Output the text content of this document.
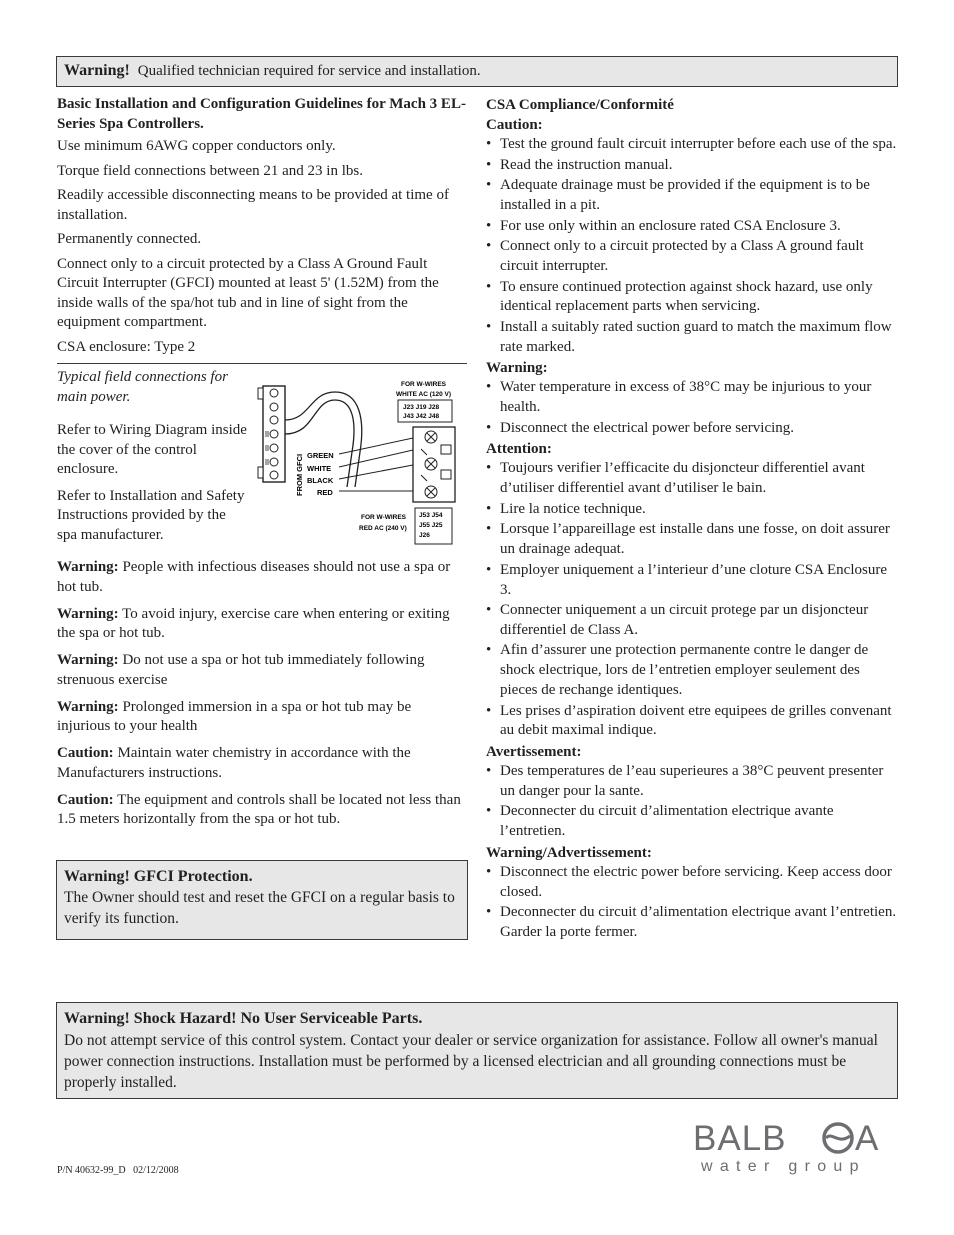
Warning! Qualified technician required for service and installation.

Basic Installation and Configuration Guidelines for Mach 3 EL-Series Spa Controllers.

Use minimum 6AWG copper conductors only.

Torque field connections between 21 and 23 in lbs.

Readily accessible disconnecting means to be provided at time of installation.

Permanently connected.

Connect only to a circuit protected by a Class A Ground Fault Circuit Interrupter (GFCI) mounted at least 5' (1.52M) from the inside walls of the spa/hot tub and in line of sight from the equipment compartment.

CSA enclosure: Type 2

Typical field connections for main power.

Refer to Wiring Diagram inside the cover of the control enclosure.

Refer to Installation and Safety Instructions provided by the spa manufacturer.

FROM GFCI GREEN
WHITE
BLACK
RED
FOR W-WIRES
WHITE AC (120 V)
J23 J19 J28
J43 J42 J48
FOR W-WIRES
RED AC (240 V)
J53 J54
J55 J25
J26

Warning: People with infectious diseases should not use a spa or hot tub.

Warning: To avoid injury, exercise care when entering or exiting the spa or hot tub.

Warning: Do not use a spa or hot tub immediately following strenuous exercise

Warning: Prolonged immersion in a spa or hot tub may be injurious to your health

Caution: Maintain water chemistry in accordance with the Manufacturers instructions.

Caution: The equipment and controls shall be located not less than 1.5 meters horizontally from the spa or hot tub.

Warning! GFCI Protection.

The Owner should test and reset the GFCI on a regular basis to verify its function.

CSA Compliance/Conformité

Caution:

• Test the ground fault circuit interrupter before each use of the spa.
• Read the instruction manual.
• Adequate drainage must be provided if the equipment is to be installed in a pit.
• For use only within an enclosure rated CSA Enclosure 3.
• Connect only to a circuit protected by a Class A ground fault circuit interrupter.
• To ensure continued protection against shock hazard, use only identical replacement parts when servicing.
• Install a suitably rated suction guard to match the maximum flow rate marked.

Warning:

• Water temperature in excess of 38°C may be injurious to your health.
• Disconnect the electrical power before servicing.

Attention:

• Toujours verifier l’efficacite du disjoncteur differentiel avant d’utiliser differentiel avant d’utiliser le bain.
• Lire la notice technique.
• Lorsque l’appareillage est installe dans une fosse, on doit assurer un drainage adequat.
• Employer uniquement a l’interieur d’une cloture CSA Enclosure 3.
• Connecter uniquement a un circuit protege par un disjoncteur differentiel de Class A.
• Afin d’assurer une protection permanente contre le danger de shock electrique, lors de l’entretien employer seulement des pieces de rechange identiques.
• Les prises d’aspiration doivent etre equipees de grilles convenant au debit maximal indique.

Avertissement:

• Des temperatures de l’eau superieures a 38°C peuvent presenter un danger pour la sante.
• Deconnecter du circuit d’alimentation electrique avante l’entretien.

Warning/Advertissement:

• Disconnect the electric power before servicing. Keep access door closed.
• Deconnecter du circuit d’alimentation electrique avant l’entretien. Garder la porte fermer.

Warning! Shock Hazard! No User Serviceable Parts.

Do not attempt service of this control system. Contact your dealer or service organization for assistance. Follow all owner's manual power connection instructions. Installation must be performed by a licensed electrician and all grounding connections must be properly installed.

P/N 40632-99_D   02/12/2008
BALB A
water group
